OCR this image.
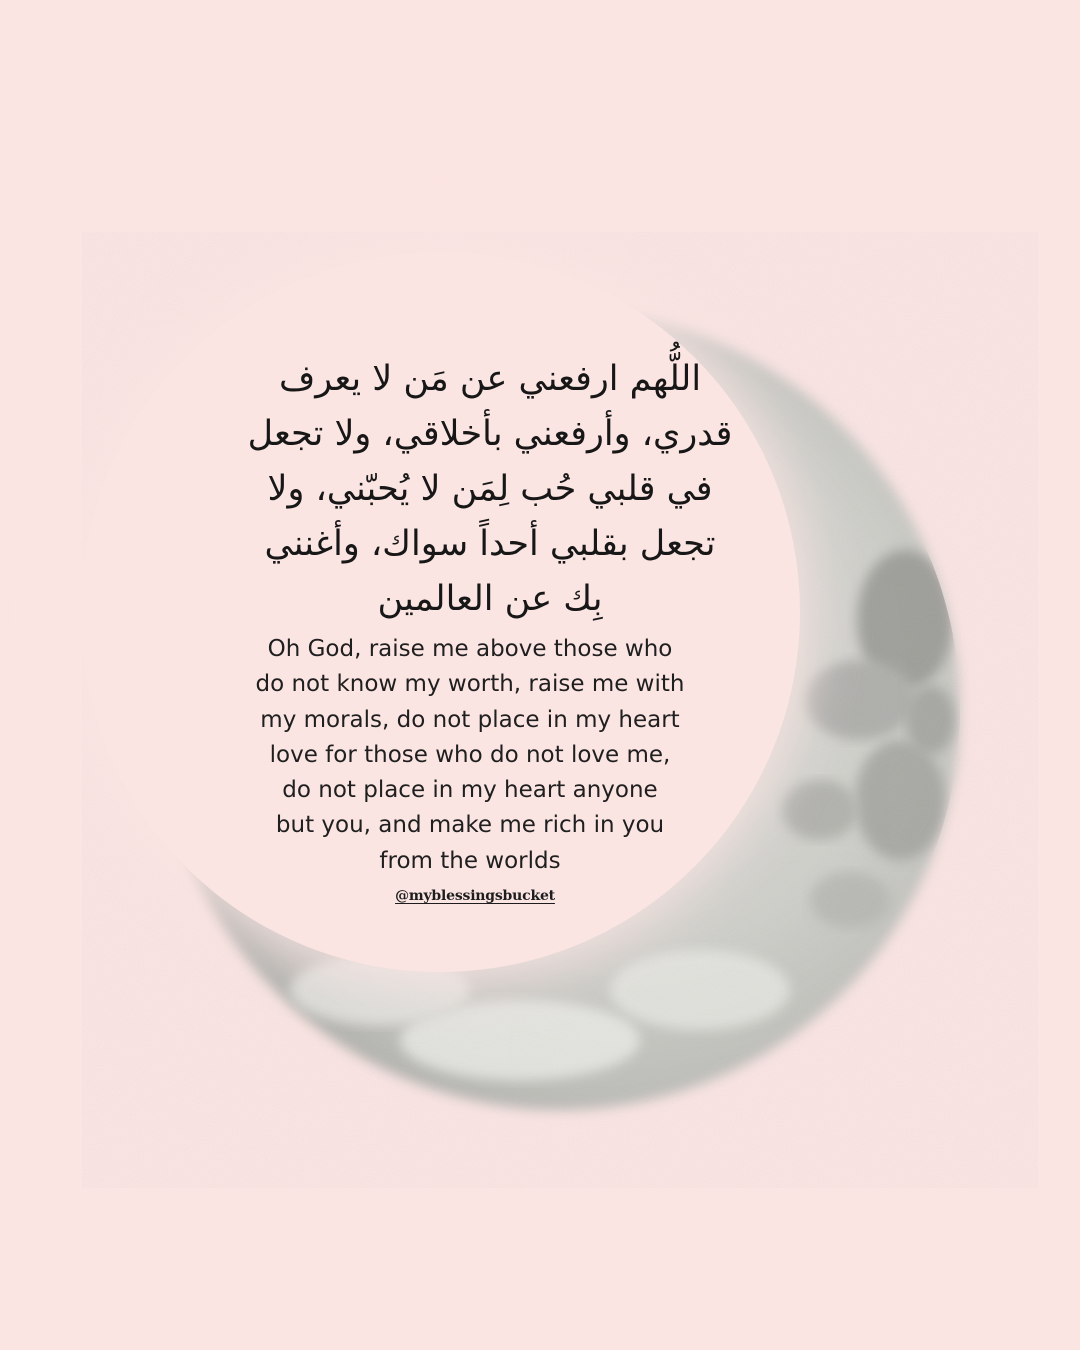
اللُّهم ارفعني عن مَن لا يعرف
قدري، وأرفعني بأخلاقي، ولا تجعل
في قلبي حُب لِمَن لا يُحبّني، ولا
تجعل بقلبي أحداً سواك، وأغنني
بِك عن العالمين
Oh God, raise me above those who
do not know my worth, raise me with
my morals, do not place in my heart
love for those who do not love me,
do not place in my heart anyone
but you, and make me rich in you
from the worlds
@myblessingsbucket
